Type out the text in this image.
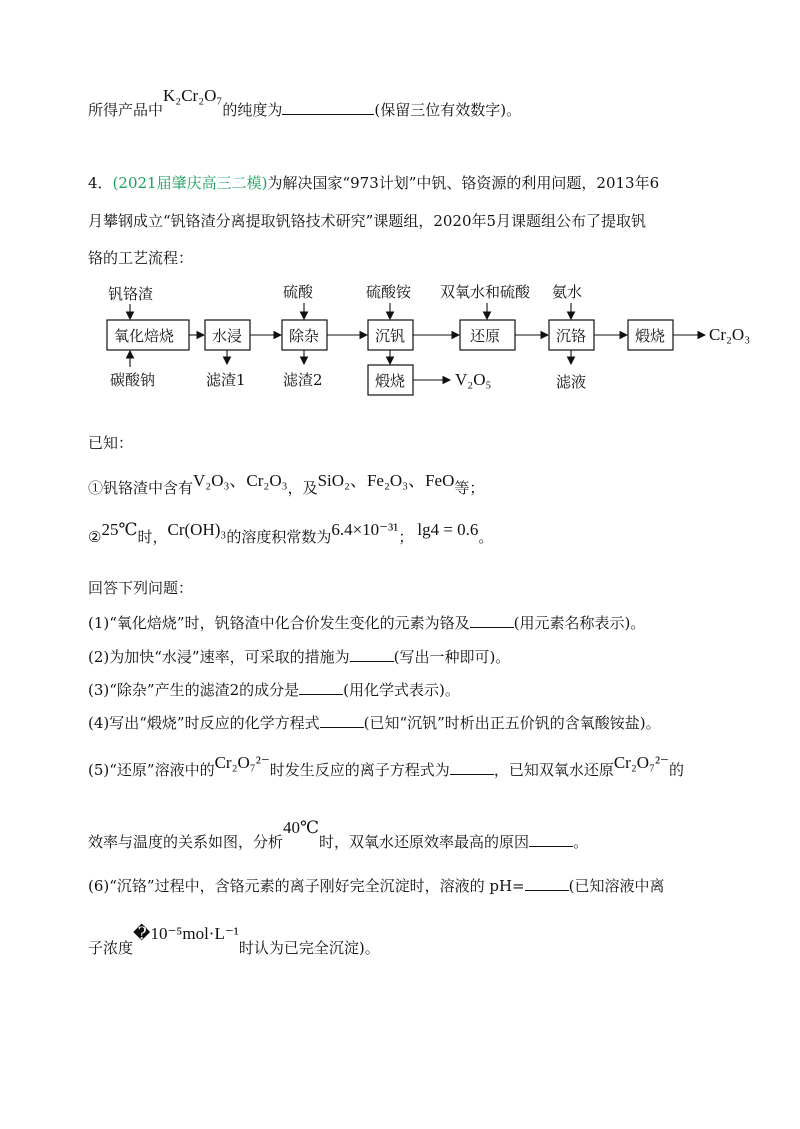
所得产品中K₂Cr₂O₇的纯度为	(保留三位有效数字)。
4．(2021届肇庆高三二模)为解决国家“973计划”中钒、铬资源的利用问题，2013年6
月攀钢成立“钒铬渣分离提取钒铬技术研究”课题组，2020年5月课题组公布了提取钒
铬的工艺流程：
钒铬渣	硫酸	硫酸铵 双氧水和硫酸 氨水
氧化焙烧	水浸	除杂	沉钒	还原	沉铬	煅烧
煅烧
Cr₂O₃
V₂O₅
碳酸钠	滤渣1 滤渣2	滤液
已知：
①钒铬渣中含有V₂O₃、Cr₂O₃，及SiO₂、Fe₂O₃、FeO等；
②25℃时，Cr(OH)₃的溶度积常数为6.4×10⁻³¹； lg4 = 0.6。
回答下列问题：
(1)“氧化焙烧”时，钒铬渣中化合价发生变化的元素为铬及	(用元素名称表示)。
(2)为加快“水浸”速率，可采取的措施为	(写出一种即可)。
(3)“除杂”产生的滤渣2的成分是	(用化学式表示)。
(4)写出“煅烧”时反应的化学方程式	(已知“沉钒”时析出正五价钒的含氧酸铵盐)。
(5)“还原”溶液中的Cr₂O₇²⁻时发生反应的离子方程式为	，已知双氧水还原Cr₂O₇²⁻的
效率与温度的关系如图，分析40℃时，双氧水还原效率最高的原因	。
(6)“沉铬”过程中，含铬元素的离子刚好完全沉淀时，溶液的 pH=	(已知溶液中离
子浓度�10⁻⁵mol·L⁻¹时认为已完全沉淀)。
